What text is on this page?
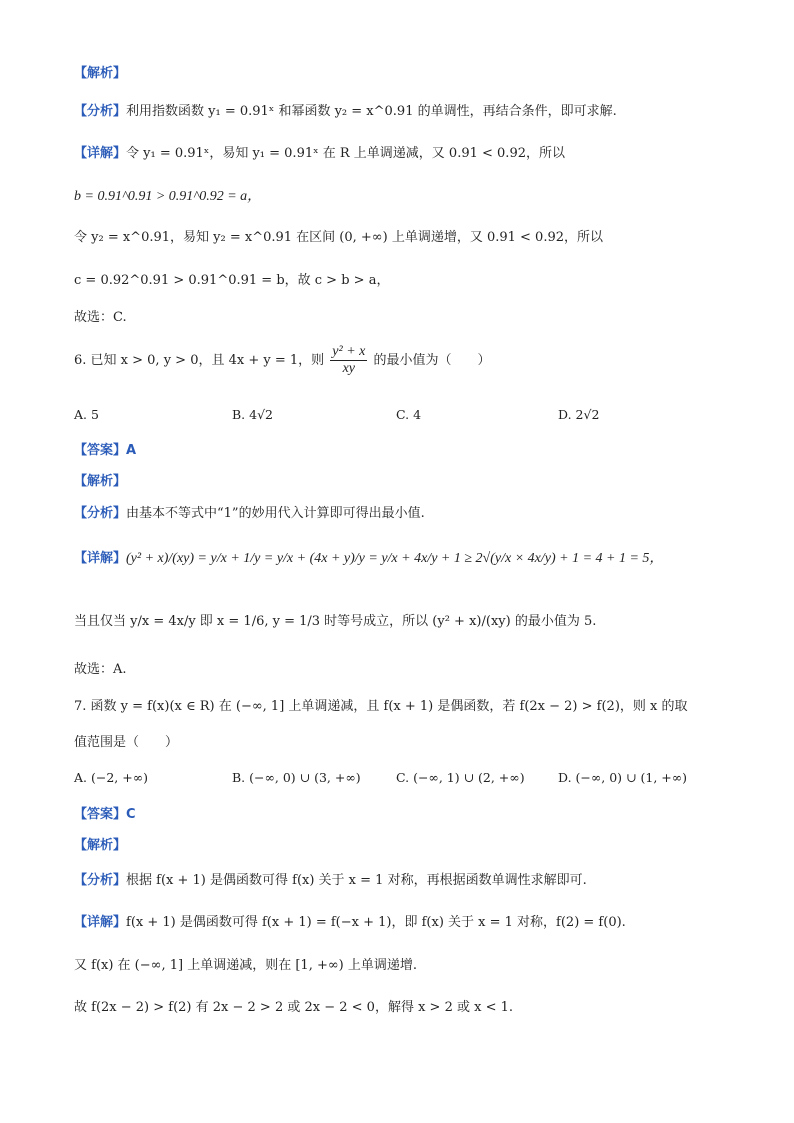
【解析】
【分析】利用指数函数 y₁ = 0.91ˣ 和幂函数 y₂ = x^0.91 的单调性，再结合条件，即可求解.
【详解】令 y₁ = 0.91ˣ，易知 y₁ = 0.91ˣ 在 R 上单调递减，又 0.91 < 0.92，所以
b = 0.91^0.91 > 0.91^0.92 = a，
令 y₂ = x^0.91，易知 y₂ = x^0.91 在区间 (0, +∞) 上单调递增，又 0.91 < 0.92，所以
c = 0.92^0.91 > 0.91^0.91 = b，故 c > b > a，
故选：C.
6. 已知 x > 0, y > 0，且 4x + y = 1，则 $\frac{\text{y² + x}}{xy}$ 的最小值为（　　）
A. 5	B. 4√2	C. 4	D. 2√2
【答案】A
【解析】
【分析】由基本不等式中“1”的妙用代入计算即可得出最小值.
【详解】(y² + x)/(xy) = y/x + 1/y = y/x + (4x + y)/y = y/x + 4x/y + 1 ≥ 2√(y/x × 4x/y) + 1 = 4 + 1 = 5，
当且仅当 y/x = 4x/y 即 x = 1/6, y = 1/3 时等号成立，所以 (y² + x)/(xy) 的最小值为 5.
故选：A.
7. 函数 y = f(x)(x ∈ R) 在 (−∞, 1] 上单调递减，且 f(x + 1) 是偶函数，若 f(2x − 2) > f(2)，则 x 的取
值范围是（　　）
A. (−2, +∞)	B. (−∞, 0) ∪ (3, +∞)	C. (−∞, 1) ∪ (2, +∞)	D. (−∞, 0) ∪ (1, +∞)
【答案】C
【解析】
【分析】根据 f(x + 1) 是偶函数可得 f(x) 关于 x = 1 对称，再根据函数单调性求解即可.
【详解】f(x + 1) 是偶函数可得 f(x + 1) = f(−x + 1)，即 f(x) 关于 x = 1 对称，f(2) = f(0).
又 f(x) 在 (−∞, 1] 上单调递减，则在 [1, +∞) 上单调递增.
故 f(2x − 2) > f(2) 有 2x − 2 > 2 或 2x − 2 < 0，解得 x > 2 或 x < 1.
